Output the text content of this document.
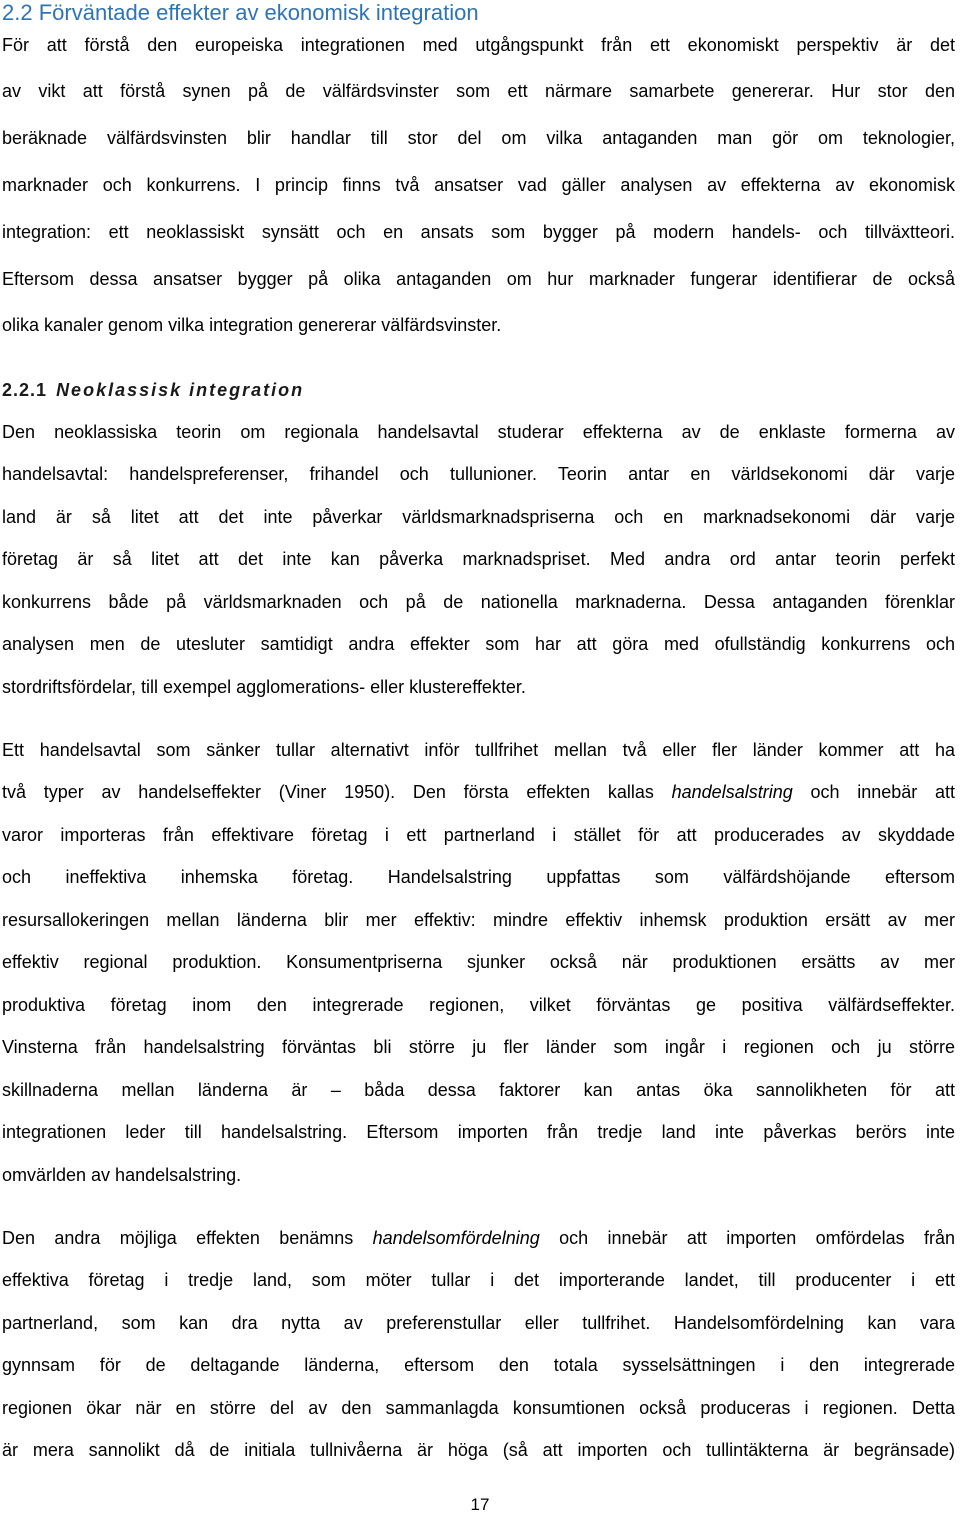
2.2 Förväntade effekter av ekonomisk integration
För att förstå den europeiska integrationen med utgångspunkt från ett ekonomiskt perspektiv är det
av vikt att förstå synen på de välfärdsvinster som ett närmare samarbete genererar. Hur stor den
beräknade välfärdsvinsten blir handlar till stor del om vilka antaganden man gör om teknologier,
marknader och konkurrens. I princip finns två ansatser vad gäller analysen av effekterna av ekonomisk
integration: ett neoklassiskt synsätt och en ansats som bygger på modern handels- och tillväxtteori.
Eftersom dessa ansatser bygger på olika antaganden om hur marknader fungerar identifierar de också
olika kanaler genom vilka integration genererar välfärdsvinster.
2.2.1 Neoklassisk integration
Den neoklassiska teorin om regionala handelsavtal studerar effekterna av de enklaste formerna av
handelsavtal: handelspreferenser, frihandel och tullunioner. Teorin antar en världsekonomi där varje
land är så litet att det inte påverkar världsmarknadspriserna och en marknadsekonomi där varje
företag är så litet att det inte kan påverka marknadspriset. Med andra ord antar teorin perfekt
konkurrens både på världsmarknaden och på de nationella marknaderna. Dessa antaganden förenklar
analysen men de utesluter samtidigt andra effekter som har att göra med ofullständig konkurrens och
stordriftsfördelar, till exempel agglomerations- eller klustereffekter.
Ett handelsavtal som sänker tullar alternativt inför tullfrihet mellan två eller fler länder kommer att ha
två typer av handelseffekter (Viner 1950). Den första effekten kallas handelsalstring och innebär att
varor importeras från effektivare företag i ett partnerland i stället för att producerades av skyddade
och ineffektiva inhemska företag. Handelsalstring uppfattas som välfärdshöjande eftersom
resursallokeringen mellan länderna blir mer effektiv: mindre effektiv inhemsk produktion ersätt av mer
effektiv regional produktion. Konsumentpriserna sjunker också när produktionen ersätts av mer
produktiva företag inom den integrerade regionen, vilket förväntas ge positiva välfärdseffekter.
Vinsterna från handelsalstring förväntas bli större ju fler länder som ingår i regionen och ju större
skillnaderna mellan länderna är – båda dessa faktorer kan antas öka sannolikheten för att
integrationen leder till handelsalstring. Eftersom importen från tredje land inte påverkas berörs inte
omvärlden av handelsalstring.
Den andra möjliga effekten benämns handelsomfördelning och innebär att importen omfördelas från
effektiva företag i tredje land, som möter tullar i det importerande landet, till producenter i ett
partnerland, som kan dra nytta av preferenstullar eller tullfrihet. Handelsomfördelning kan vara
gynnsam för de deltagande länderna, eftersom den totala sysselsättningen i den integrerade
regionen ökar när en större del av den sammanlagda konsumtionen också produceras i regionen. Detta
är mera sannolikt då de initiala tullnivåerna är höga (så att importen och tullintäkterna är begränsade)
17
